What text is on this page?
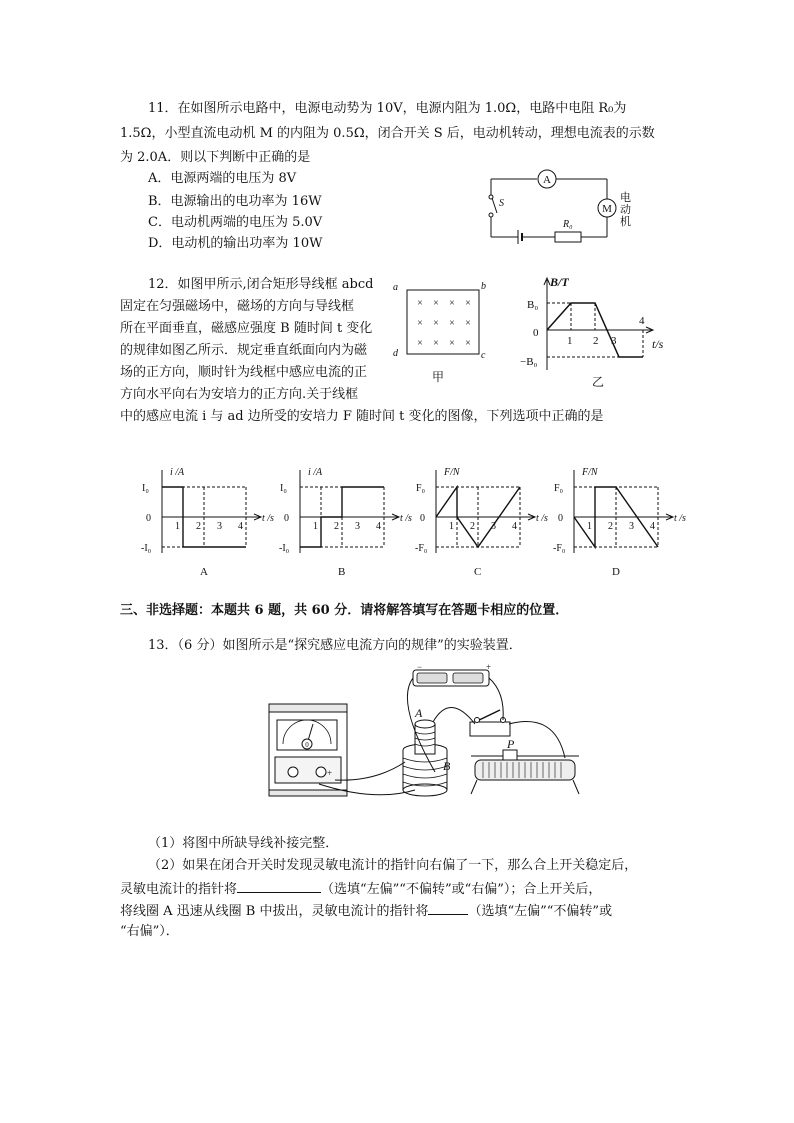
11．在如图所示电路中，电源电动势为 10V，电源内阻为 1.0Ω，电路中电阻 R₀为
1.5Ω，小型直流电动机 M 的内阻为 0.5Ω，闭合开关 S 后，电动机转动，理想电流表的示数
为 2.0A．则以下判断中正确的是
A．电源两端的电压为 8V
B．电源输出的电功率为 16W
C．电动机两端的电压为 5.0V
D．电动机的输出功率为 10W
A
M
电动机
R₀
S
12．如图甲所示,闭合矩形导线框 abcd
固定在匀强磁场中，磁场的方向与导线框
所在平面垂直，磁感应强度 B 随时间 t 变化
的规律如图乙所示．规定垂直纸面向内为磁
场的正方向，顺时针为线框中感应电流的正
方向水平向右为安培力的正方向.关于线框
中的感应电流 i 与 ad 边所受的安培力 F 随时间 t 变化的图像，下列选项中正确的是
a	b
c
d
× × × ×
× × × ×
× × × ×
甲
B/T
t/s
B₀
0
−B₀
乙
1 2 3
4
i /A
I₀
-I₀
0
1 2 3 4
t /s
A
i /A
I₀
-I₀
0
1 2 3 4
t /s
B
F/N
F₀
-F₀
0
1 2 3 4
t /s
C
F/N
F₀
-F₀
0
1 2 3 4
t /s
D
三、非选择题：本题共 6 题，共 60 分．请将解答填写在答题卡相应的位置．
13．（6 分）如图所示是“探究感应电流方向的规律”的实验装置．
−	+
0
+
A
B
P
（1）将图中所缺导线补接完整．
（2）如果在闭合开关时发现灵敏电流计的指针向右偏了一下，那么合上开关稳定后，
灵敏电流计的指针将	（选填“左偏”“不偏转”或“右偏”）；合上开关后，
将线圈 A 迅速从线圈 B 中拔出，灵敏电流计的指针将	（选填“左偏”“不偏转”或
“右偏”）．
